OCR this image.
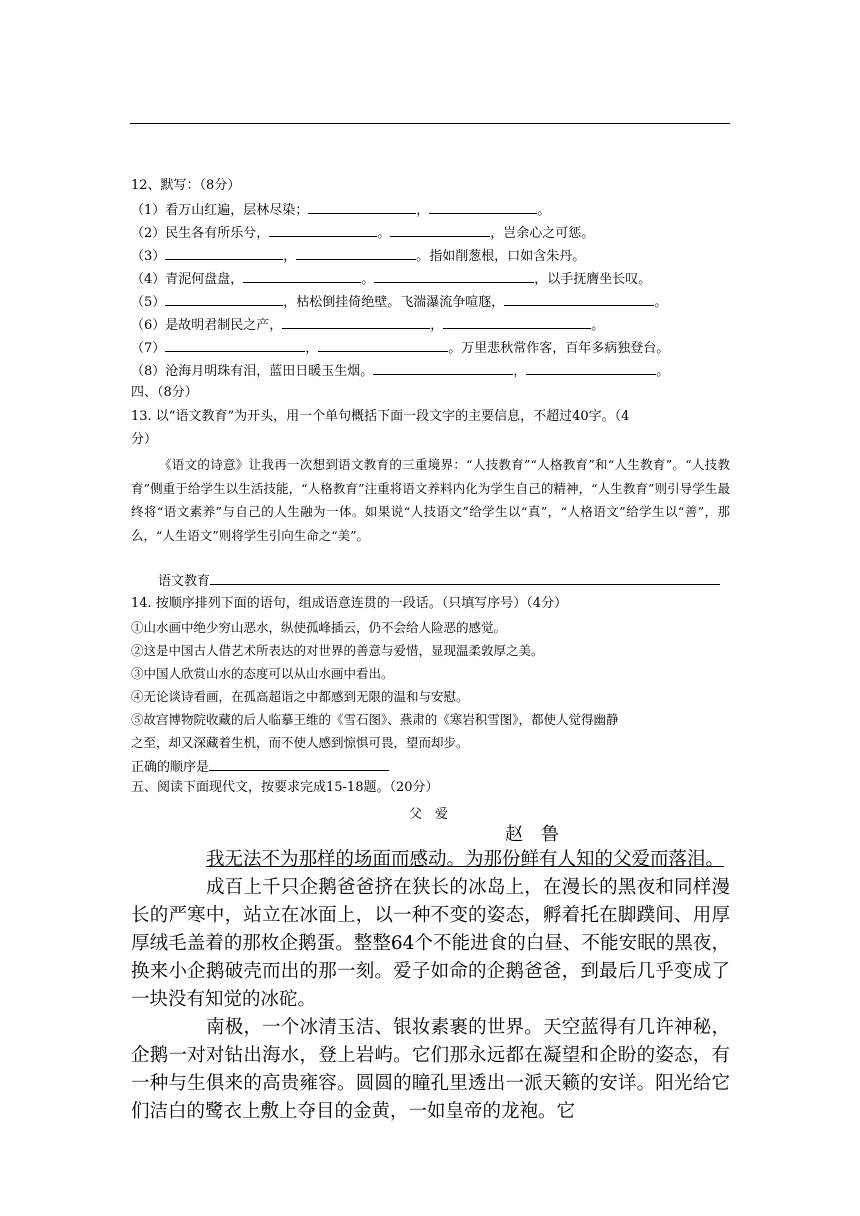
12、默写：（8分）
（1）看万山红遍，层林尽染；	，	。
（2）民生各有所乐兮，	。	，岂余心之可惩。
（3）	，	。指如削葱根，口如含朱丹。
（4）青泥何盘盘，	。	，以手抚膺坐长叹。
（5）	，枯松倒挂倚绝壁。飞湍瀑流争喧豗，	。
（6）是故明君制民之产，	，	。
（7）	，	。万里悲秋常作客，百年多病独登台。
（8）沧海月明珠有泪，蓝田日暖玉生烟。	，	。
四、（8分）
13. 以“语文教育”为开头，用一个单句概括下面一段文字的主要信息，不超过40字。（4
分）
《语文的诗意》让我再一次想到语文教育的三重境界：“人技教育”“人格教育”和“人生教育”。“人技教育”侧重于给学生以生活技能，“人格教育”注重将语文养料内化为学生自己的精神，“人生教育”则引导学生最终将“语文素养”与自己的人生融为一体。如果说“人技语文”给学生以“真”，“人格语文”给学生以“善”，那么，“人生语文”则将学生引向生命之“美”。
语文教育
14. 按顺序排列下面的语句，组成语意连贯的一段话。（只填写序号）（4分）
①山水画中绝少穷山恶水，纵使孤峰插云，仍不会给人险恶的感觉。
②这是中国古人借艺术所表达的对世界的善意与爱惜，显现温柔敦厚之美。
③中国人欣赏山水的态度可以从山水画中看出。
④无论谈诗看画，在孤高超诣之中都感到无限的温和与安慰。
⑤故宫博物院收藏的后人临摹王维的《雪石图》、燕肃的《寒岩积雪图》，都使人觉得幽静
之至，却又深藏着生机，而不使人感到惊惧可畏，望而却步。
正确的顺序是
五、阅读下面现代文，按要求完成15-18题。（20分）
父　爱
赵　鲁
我无法不为那样的场面而感动。为那份鲜有人知的父爱而落泪。
成百上千只企鹅爸爸挤在狭长的冰岛上，在漫长的黑夜和同样漫长的严寒中，站立在冰面上，以一种不变的姿态，孵着托在脚蹼间、用厚厚绒毛盖着的那枚企鹅蛋。整整64个不能进食的白昼、不能安眠的黑夜，换来小企鹅破壳而出的那一刻。爱子如命的企鹅爸爸，到最后几乎变成了一块没有知觉的冰砣。
南极，一个冰清玉洁、银妆素裹的世界。天空蓝得有几许神秘，企鹅一对对钻出海水，登上岩屿。它们那永远都在凝望和企盼的姿态，有一种与生俱来的高贵雍容。圆圆的瞳孔里透出一派天籁的安详。阳光给它们洁白的鹭衣上敷上夺目的金黄，一如皇帝的龙袍。它
